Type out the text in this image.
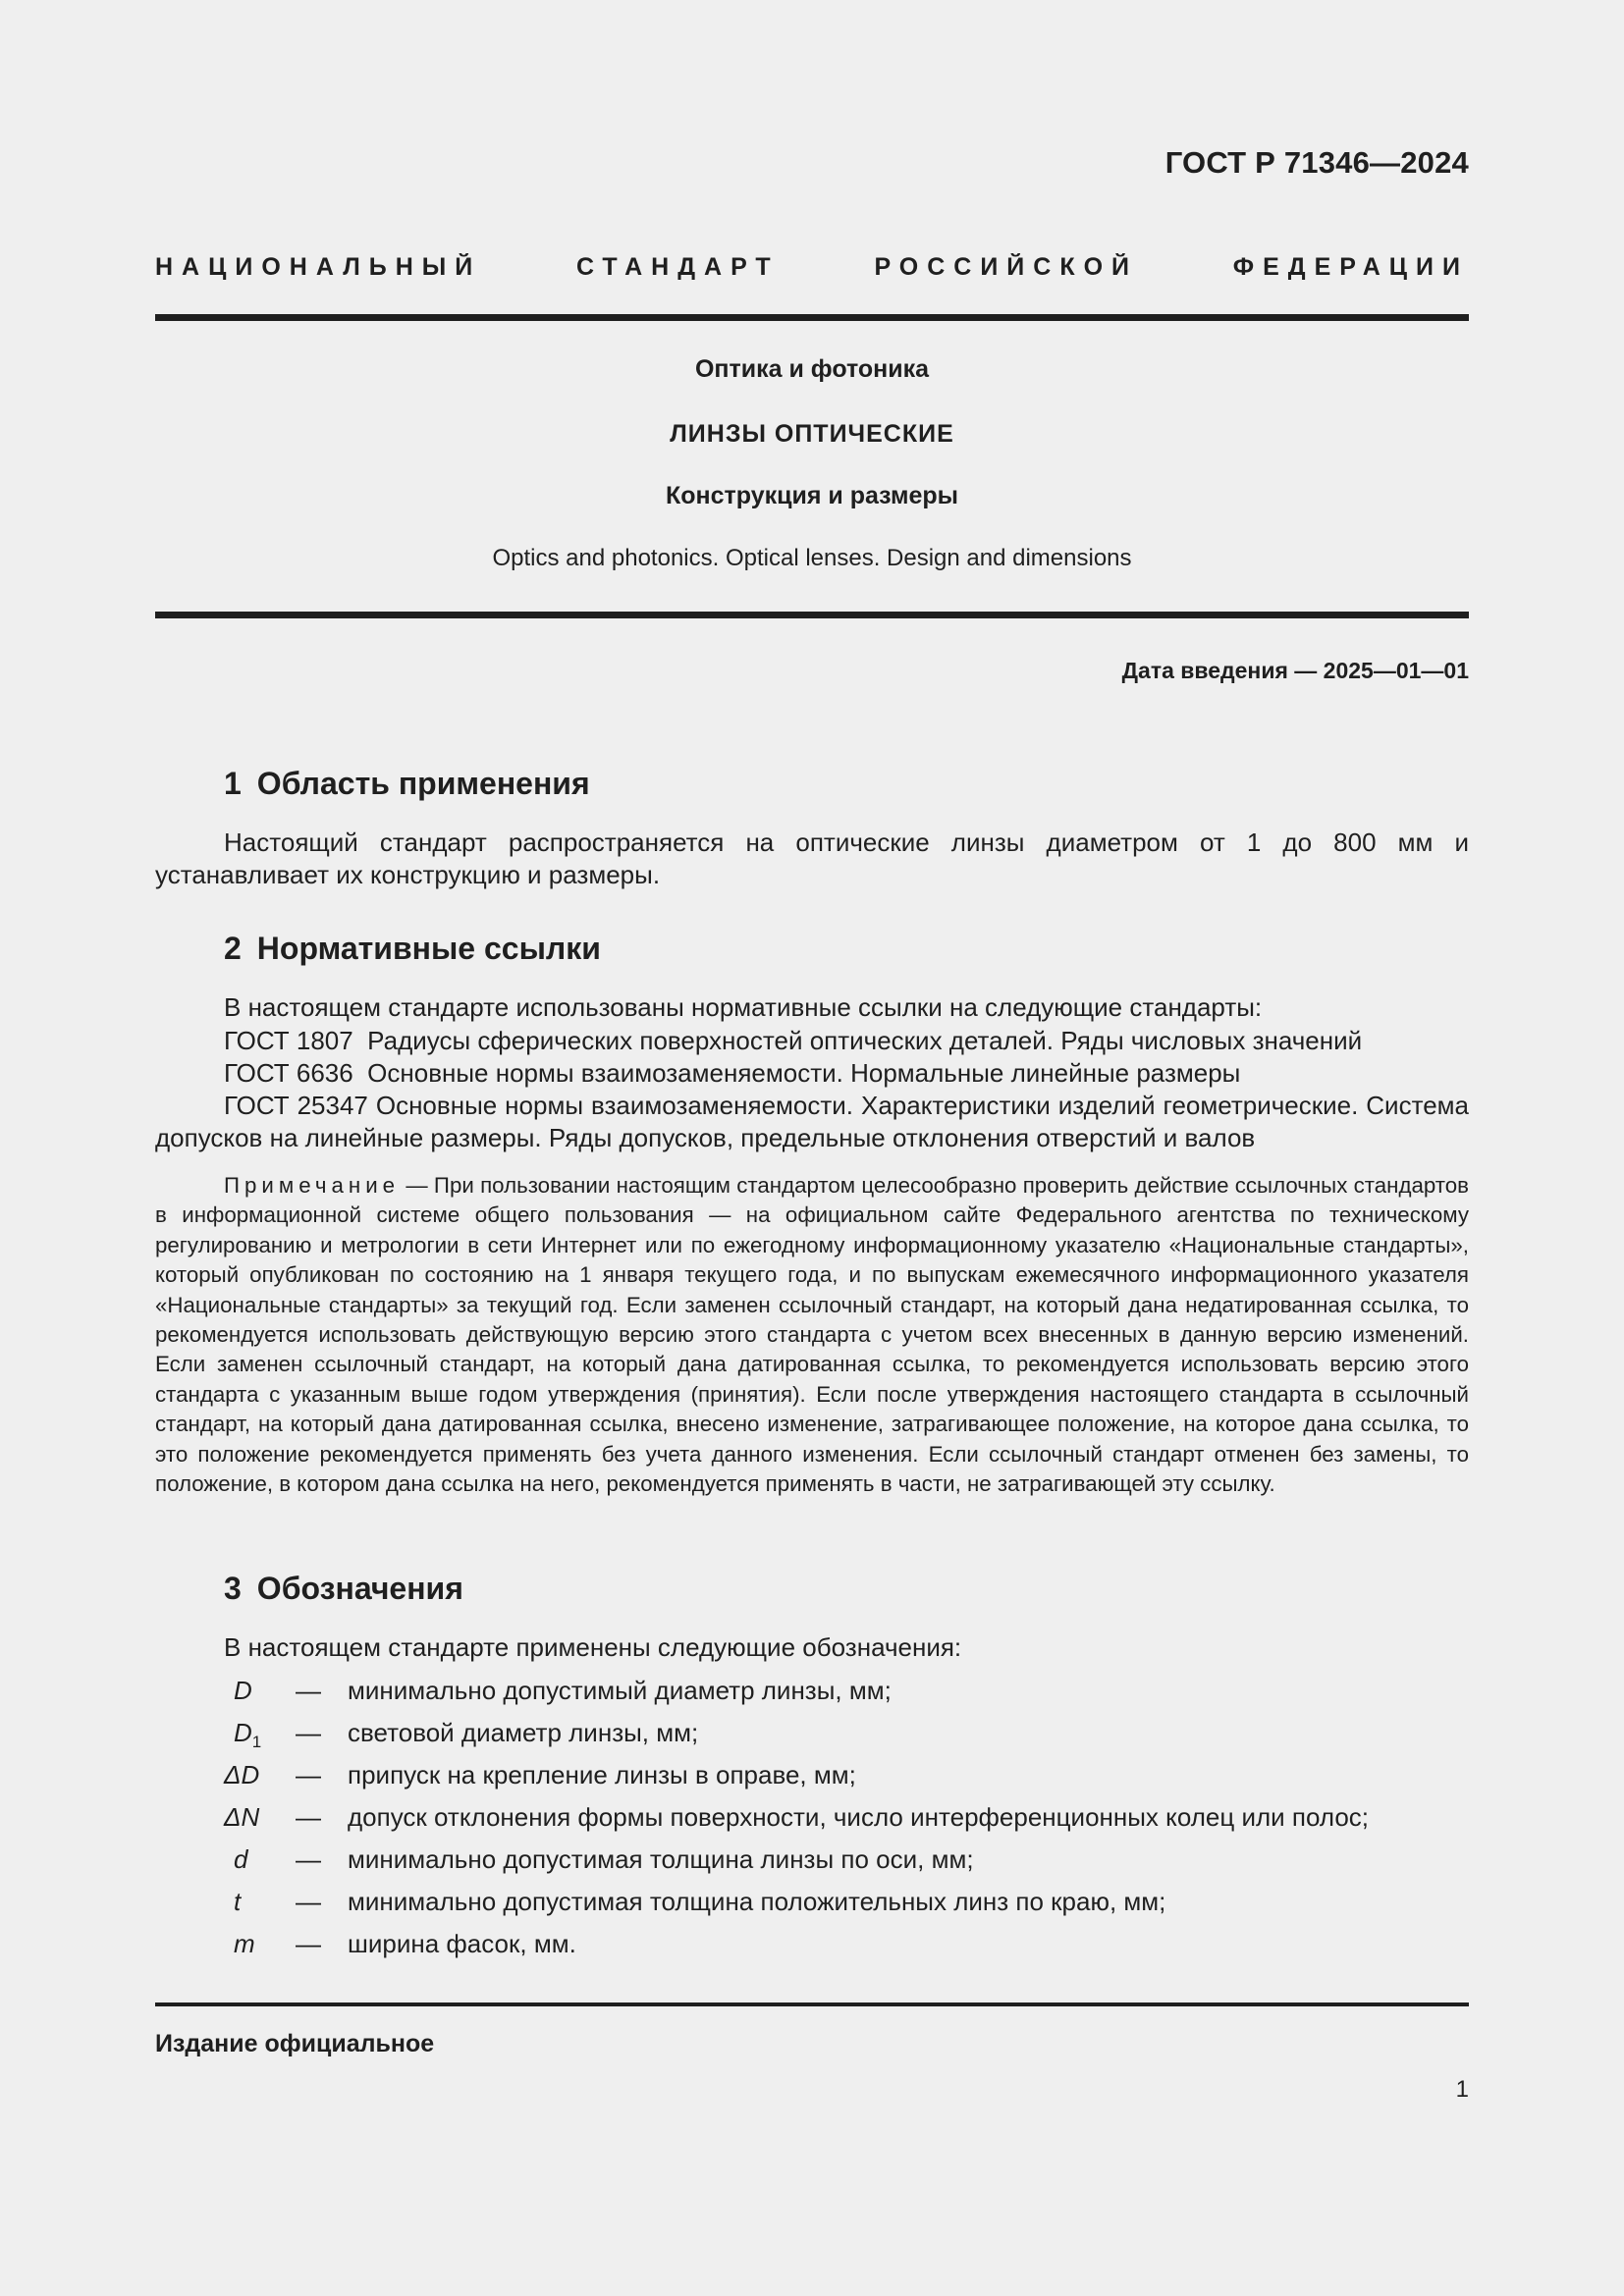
ГОСТ Р 71346—2024
НАЦИОНАЛЬНЫЙ СТАНДАРТ РОССИЙСКОЙ ФЕДЕРАЦИИ
Оптика и фотоника
ЛИНЗЫ ОПТИЧЕСКИЕ
Конструкция и размеры
Optics and photonics. Optical lenses. Design and dimensions
Дата введения — 2025—01—01
1 Область применения

Настоящий стандарт распространяется на оптические линзы диаметром от 1 до 800 мм и устанавливает их конструкцию и размеры.

2 Нормативные ссылки
В настоящем стандарте использованы нормативные ссылки на следующие стандарты:
ГОСТ 1807  Радиусы сферических поверхностей оптических деталей. Ряды числовых значений
ГОСТ 6636  Основные нормы взаимозаменяемости. Нормальные линейные размеры

ГОСТ 25347 Основные нормы взаимозаменяемости. Характеристики изделий геометрические. Система допусков на линейные размеры. Ряды допусков, предельные отклонения отверстий и валов

Примечание — При пользовании настоящим стандартом целесообразно проверить действие ссылочных стандартов в информационной системе общего пользования — на официальном сайте Федерального агентства по техническому регулированию и метрологии в сети Интернет или по ежегодному информационному указателю «Национальные стандарты», который опубликован по состоянию на 1 января текущего года, и по выпускам ежемесячного информационного указателя «Национальные стандарты» за текущий год. Если заменен ссылочный стандарт, на который дана недатированная ссылка, то рекомендуется использовать действующую версию этого стандарта с учетом всех внесенных в данную версию изменений. Если заменен ссылочный стандарт, на который дана датированная ссылка, то рекомендуется использовать версию этого стандарта с указанным выше годом утверждения (принятия). Если после утверждения настоящего стандарта в ссылочный стандарт, на который дана датированная ссылка, внесено изменение, затрагивающее положение, на которое дана ссылка, то это положение рекомендуется применять без учета данного изменения. Если ссылочный стандарт отменен без замены, то положение, в котором дана ссылка на него, рекомендуется применять в части, не затрагивающей эту ссылку.

3 Обозначения
В настоящем стандарте применены следующие обозначения:
D — минимально допустимый диаметр линзы, мм;
$D_1$ — световой диаметр линзы, мм;
ΔD — припуск на крепление линзы в оправе, мм;
ΔN — допуск отклонения формы поверхности, число интерференционных колец или полос;
d — минимально допустимая толщина линзы по оси, мм;
t — минимально допустимая толщина положительных линз по краю, мм;
m — ширина фасок, мм.
Издание официальное
1
